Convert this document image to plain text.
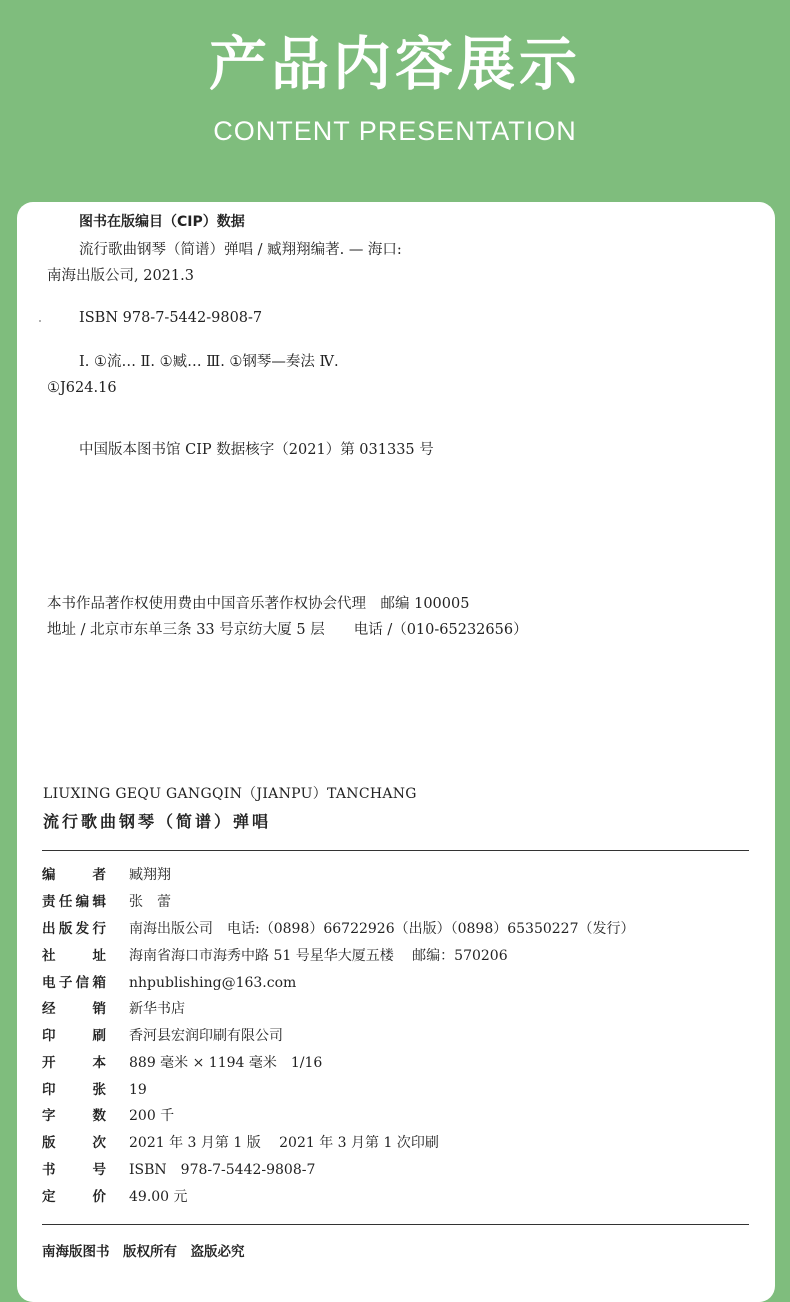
产品内容展示
CONTENT PRESENTATION
图书在版编目（CIP）数据
流行歌曲钢琴（简谱）弹唱 / 臧翔翔编著. — 海口:
南海出版公司, 2021.3
ISBN 978-7-5442-9808-7
Ⅰ. ①流… Ⅱ. ①臧… Ⅲ. ①钢琴—奏法 Ⅳ.
①J624.16
中国版本图书馆 CIP 数据核字（2021）第 031335 号
本书作品著作权使用费由中国音乐著作权协会代理　邮编 100005
地址 / 北京市东单三条 33 号京纺大厦 5 层　　电话 /（010-65232656）
LIUXING GEQU GANGQIN（JIANPU）TANCHANG
流行歌曲钢琴（简谱）弹唱
编者 臧翔翔
责任编辑 张　蕾
出版发行 南海出版公司　电话:（0898）66722926（出版）（0898）65350227（发行）
社址 海南省海口市海秀中路 51 号星华大厦五楼　 邮编：570206
电子信箱 nhpublishing@163.com
经销 新华书店
印刷 香河县宏润印刷有限公司
开本 889 毫米 × 1194 毫米　1/16
印张 19
字数 200 千
版次 2021 年 3 月第 1 版　 2021 年 3 月第 1 次印刷
书号 ISBN　978-7-5442-9808-7
定价 49.00 元
南海版图书　版权所有　盗版必究
